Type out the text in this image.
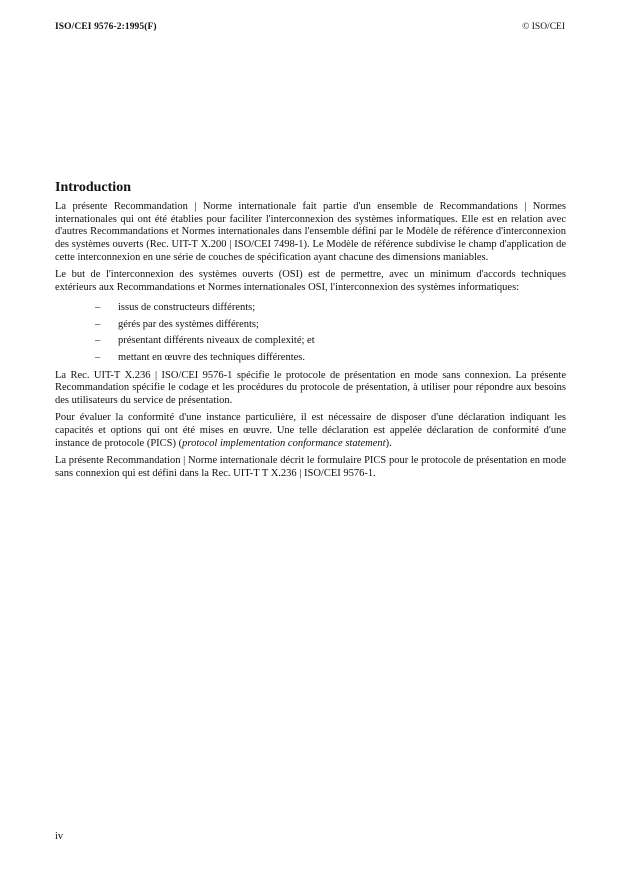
ISO/CEI 9576-2:1995(F)	© ISO/CEI
Introduction

La présente Recommandation | Norme internationale fait partie d'un ensemble de Recommandations | Normes internationales qui ont été établies pour faciliter l'interconnexion des systèmes informatiques. Elle est en relation avec d'autres Recommandations et Normes internationales dans l'ensemble défini par le Modèle de référence d'interconnexion des systèmes ouverts (Rec. UIT-T X.200 | ISO/CEI 7498-1). Le Modèle de référence subdivise le champ d'application de cette interconnexion en une série de couches de spécification ayant chacune des dimensions maniables.

Le but de l'interconnexion des systèmes ouverts (OSI) est de permettre, avec un minimum d'accords techniques extérieurs aux Recommandations et Normes internationales OSI, l'interconnexion des systèmes informatiques:

– issus de constructeurs différents;
– gérés par des systèmes différents;
– présentant différents niveaux de complexité; et
– mettant en œuvre des techniques différentes.

La Rec. UIT-T X.236 | ISO/CEI 9576-1 spécifie le protocole de présentation en mode sans connexion. La présente Recommandation spécifie le codage et les procédures du protocole de présentation, à utiliser pour répondre aux besoins des utilisateurs du service de présentation.

Pour évaluer la conformité d'une instance particulière, il est nécessaire de disposer d'une déclaration indiquant les capacités et options qui ont été mises en œuvre. Une telle déclaration est appelée déclaration de conformité d'une instance de protocole (PICS) (protocol implementation conformance statement).

La présente Recommandation | Norme internationale décrit le formulaire PICS pour le protocole de présentation en mode sans connexion qui est défini dans la Rec. UIT-T T X.236 | ISO/CEI 9576-1.

iv
